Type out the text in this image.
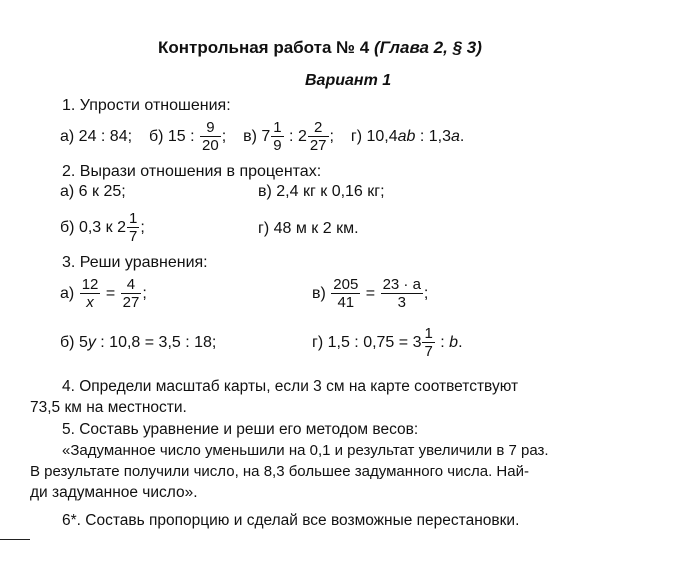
Контрольная работа № 4 (Глава 2, § 3)
Вариант 1
1. Упрости отношения:
а) 24 : 84; б) 15 : $\frac{9}{20}$ ; в) $7 \frac{1}{9}$ : $2 \frac{2}{27}$ ; г) 10,4ab : 1,3a.
2. Вырази отношения в процентах:
а) 6 к 25;	в) 2,4 кг к 0,16 кг;
б) 0,3 к $2 \frac{1}{7}$ ;	г) 48 м к 2 км.
3. Реши уравнения:
$а) \frac{12}{x} = \frac{4}{27}$ ;	$в) \frac{205}{41} = \frac{23 \cdot a}{3}$ ;
б) 5y : 10,8 = 3,5 : 18;	г) 1,5 : $0,75 = 3 \frac{1}{7}$ : b.
4. Определи масштаб карты, если 3 см на карте соответствуют
73,5 км на местности.
5. Составь уравнение и реши его методом весов:
«Задуманное число уменьшили на 0,1 и результат увеличили в 7 раз.
В результате получили число, на 8,3 большее задуманного числа. Най-
ди задуманное число».
6*. Составь пропорцию и сделай все возможные перестановки.
